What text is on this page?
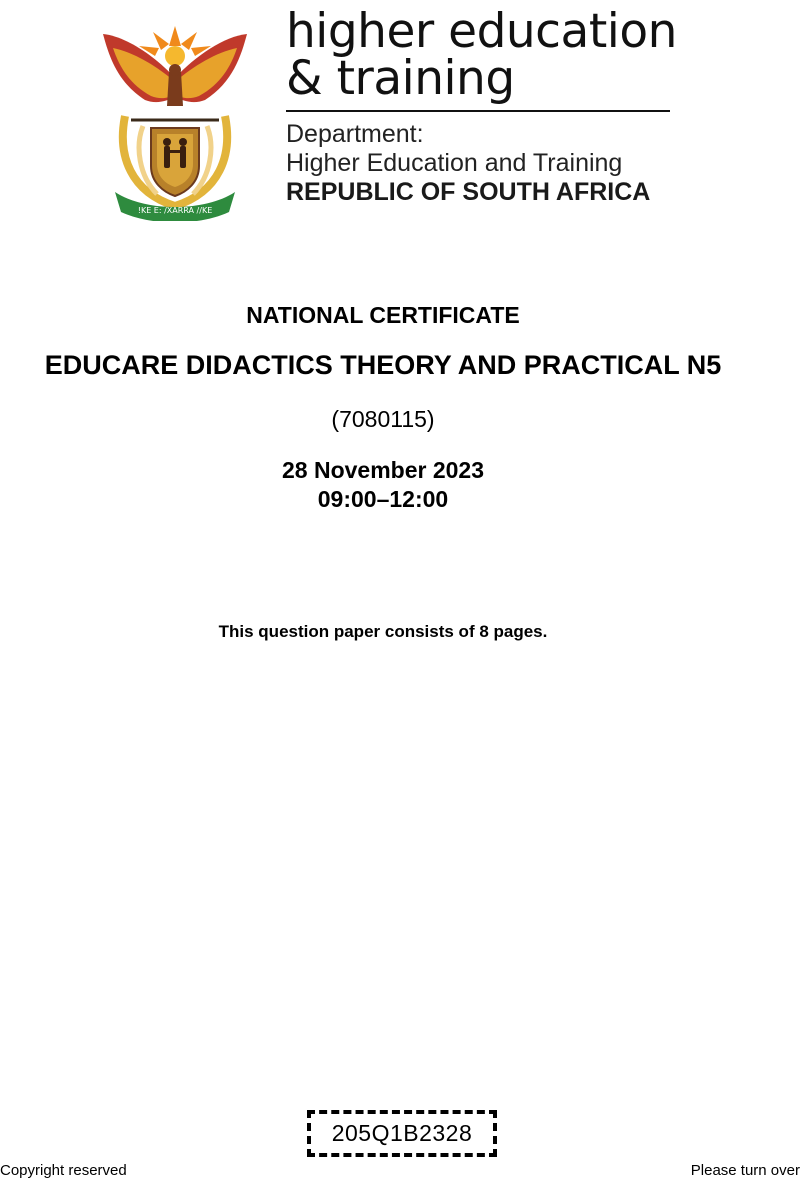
!KE E: /XARRA //KE
higher education
& training
Department:
Higher Education and Training
REPUBLIC OF SOUTH AFRICA
NATIONAL CERTIFICATE
EDUCARE DIDACTICS THEORY AND PRACTICAL N5
(7080115)
28 November 2023
09:00–12:00
This question paper consists of 8 pages.
205Q1B2328
Copyright reserved	Please turn over
